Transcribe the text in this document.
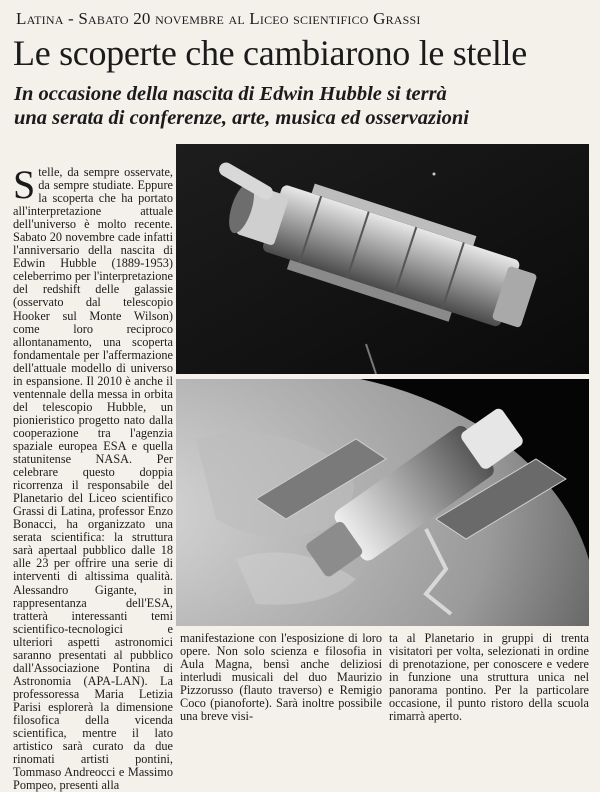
Latina - Sabato 20 novembre al Liceo scientifico Grassi
Le scoperte che cambiarono le stelle
In occasione della nascita di Edwin Hubble si terrà
una serata di conferenze, arte, musica ed osservazioni
S telle, da sempre osservate, da sempre studiate. Eppure la scoperta che ha portato all'interpretazione attuale dell'universo è molto recente. Sabato 20 novembre cade infatti l'anniversario della nascita di Edwin Hubble (1889-1953) celeberrimo per l'interpretazione del redshift delle galassie (osservato dal telescopio Hooker sul Monte Wilson) come loro reciproco allontanamento, una scoperta fondamentale per l'affermazione dell'attuale modello di universo in espansione. Il 2010 è anche il ventennale della messa in orbita del telescopio Hubble, un pionieristico progetto nato dalla cooperazione tra l'agenzia spaziale europea ESA e quella statunitense NASA. Per celebrare questo doppia ricorrenza il responsabile del Planetario del Liceo scientifico Grassi di Latina, professor Enzo Bonacci, ha organizzato una serata scientifica: la struttura sarà apertaal pubblico dalle 18 alle 23 per offrire una serie di interventi di altissima qualità. Alessandro Gigante, in rappresentanza dell'ESA, tratterà interessanti temi scientifico-tecnologici e ulteriori aspetti astronomici saranno presentati al pubblico dall'Associazione Pontina di Astronomia (APA-LAN). La professoressa Maria Letizia Parisi esplorerà la dimensione filosofica della vicenda scientifica, mentre il lato artistico sarà curato da due rinomati artisti pontini, Tommaso Andreocci e Massimo Pompeo, presenti alla
manifestazione con l'esposizione di loro opere. Non solo scienza e filosofia in Aula Magna, bensì anche deliziosi interludi musicali del duo Maurizio Pizzorusso (flauto traverso) e Remigio Coco (pianoforte). Sarà inoltre possibile una breve visi-
ta al Planetario in gruppi di trenta visitatori per volta, selezionati in ordine di prenotazione, per conoscere e vedere in funzione una struttura unica nel panorama pontino. Per la particolare occasione, il punto ristoro della scuola rimarrà aperto.
